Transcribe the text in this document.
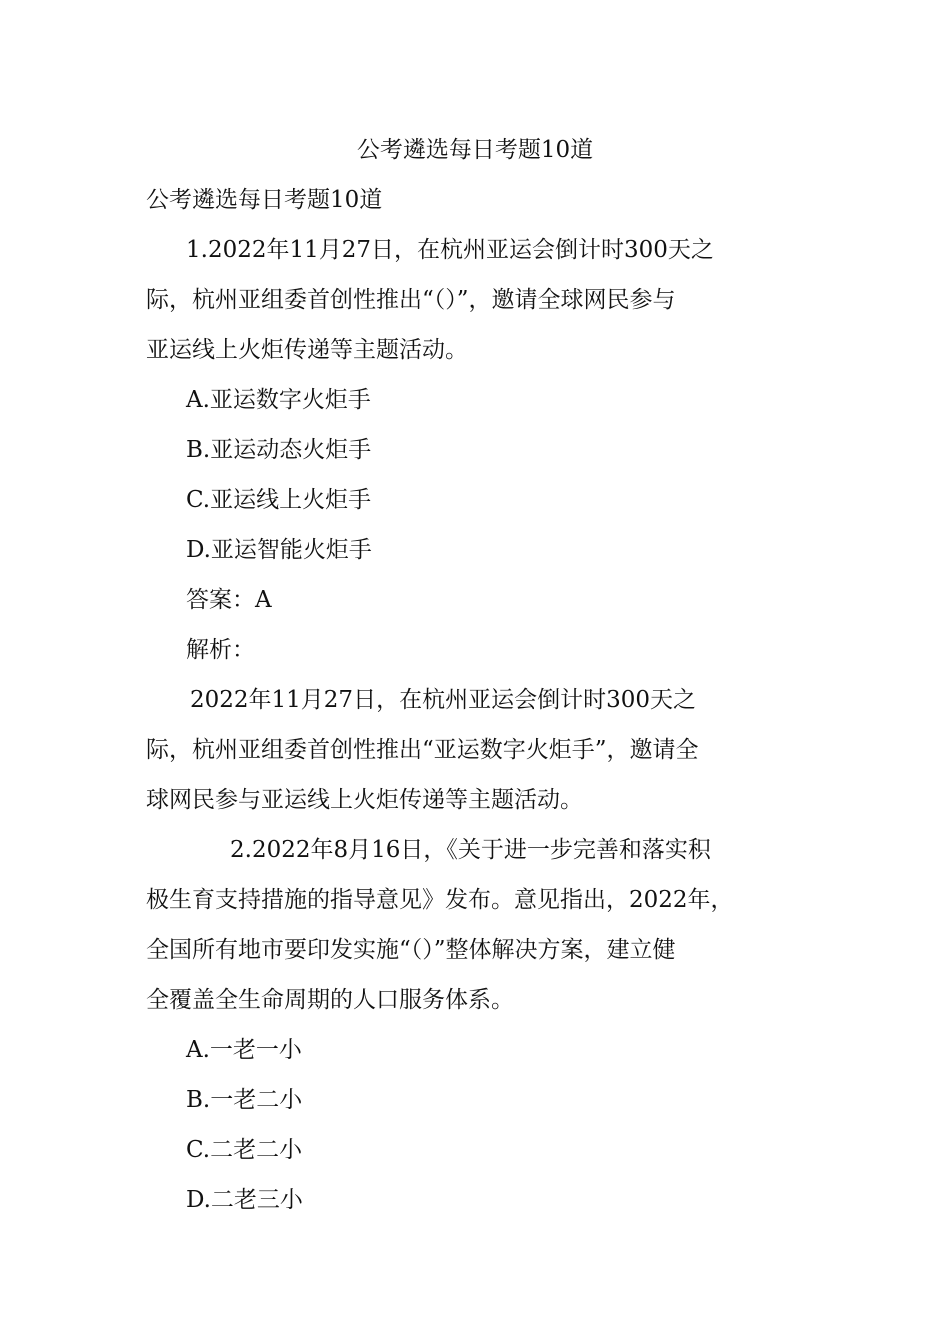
公考遴选每日考题10道
公考遴选每日考题10道
1.2022年11月27日，在杭州亚运会倒计时300天之
际，杭州亚组委首创性推出“（）”，邀请全球网民参与
亚运线上火炬传递等主题活动。
A.亚运数字火炬手
B.亚运动态火炬手
C.亚运线上火炬手
D.亚运智能火炬手
答案：A
解析：
2022年11月27日，在杭州亚运会倒计时300天之
际，杭州亚组委首创性推出“亚运数字火炬手”，邀请全
球网民参与亚运线上火炬传递等主题活动。
2.2022年8月16日，《关于进一步完善和落实积
极生育支持措施的指导意见》发布。意见指出，2022年，
全国所有地市要印发实施“（）”整体解决方案，建立健
全覆盖全生命周期的人口服务体系。
A.一老一小
B.一老二小
C.二老二小
D.二老三小
